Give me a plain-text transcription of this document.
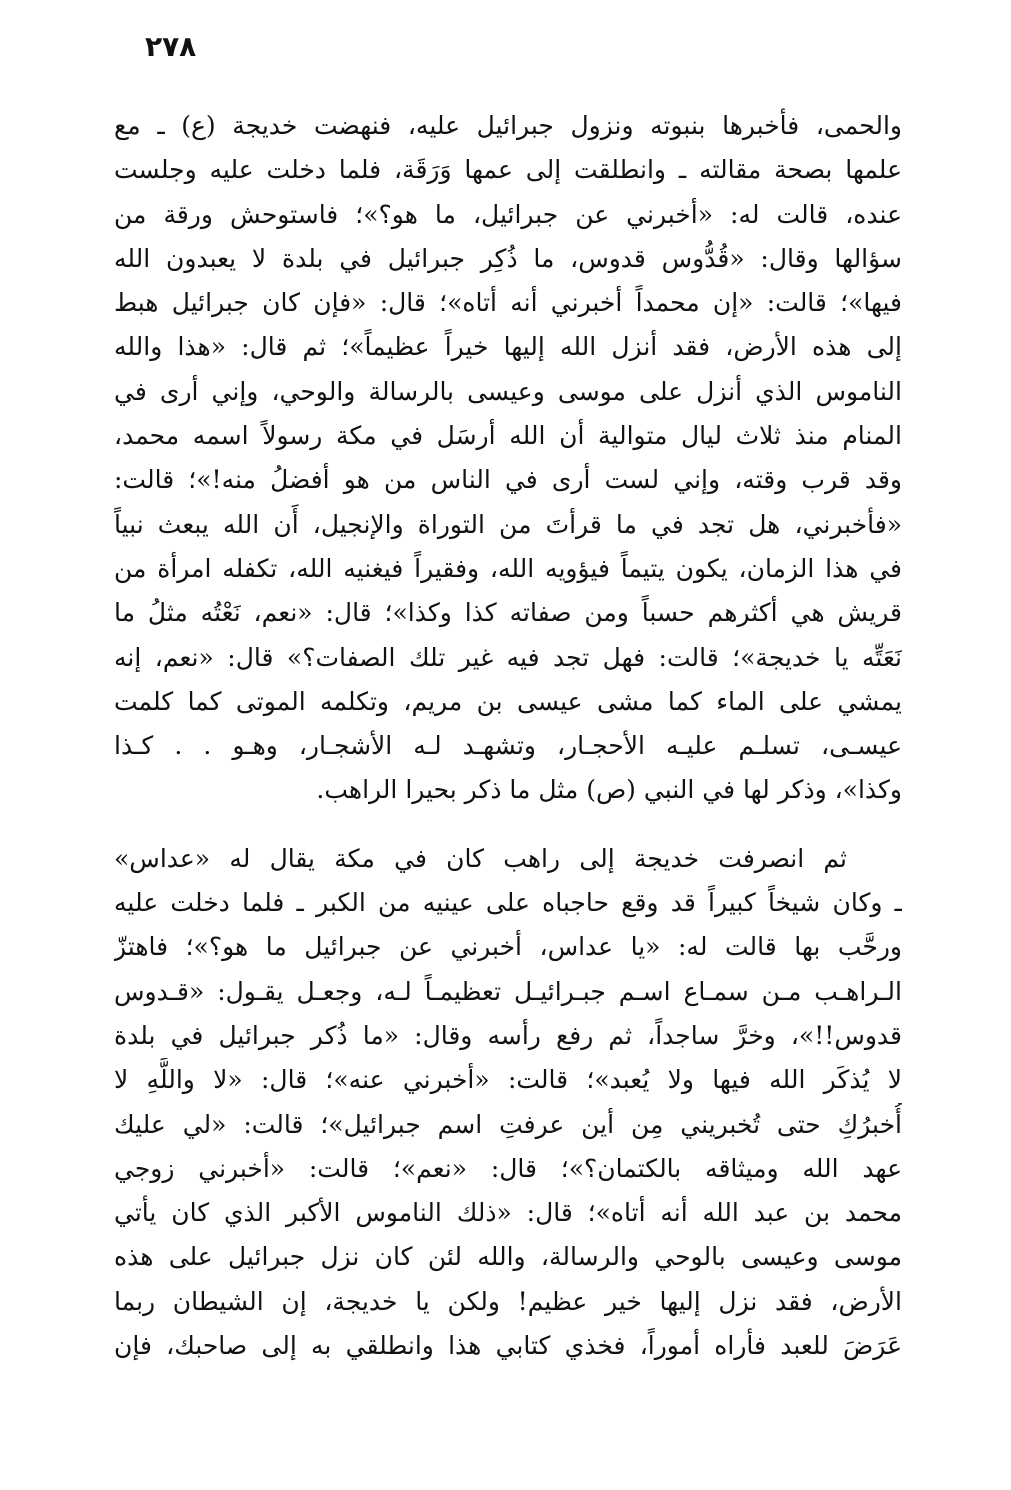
٢٧٨
والحمى، فأخبرها بنبوته ونزول جبرائيل عليه، فنهضت خديجة (ع) ـ مع
علمها بصحة مقالته ـ وانطلقت إلى عمها وَرَقَة، فلما دخلت عليه وجلست
عنده، قالت له: «أخبرني عن جبرائيل، ما هو؟»؛ فاستوحش ورقة من
سؤالها وقال: «قُدُّوس قدوس، ما ذُكِر جبرائيل في بلدة لا يعبدون الله
فيها»؛ قالت: «إن محمداً أخبرني أنه أتاه»؛ قال: «فإن كان جبرائيل هبط
إلى هذه الأرض، فقد أنزل الله إليها خيراً عظيماً»؛ ثم قال: «هذا والله
الناموس الذي أنزل على موسى وعيسى بالرسالة والوحي، وإني أرى في
المنام منذ ثلاث ليال متوالية أن الله أرسَل في مكة رسولاً اسمه محمد،
وقد قرب وقته، وإني لست أرى في الناس من هو أفضلُ منه!»؛ قالت:
«فأخبرني، هل تجد في ما قرأتَ من التوراة والإنجيل، أَن الله يبعث نبياً
في هذا الزمان، يكون يتيماً فيؤويه الله، وفقيراً فيغنيه الله، تكفله امرأة من
قريش هي أكثرهم حسباً ومن صفاته كذا وكذا»؛ قال: «نعم، نَعْتُه مثلُ ما
نَعَتِّه يا خديجة»؛ قالت: فهل تجد فيه غير تلك الصفات؟» قال: «نعم، إنه
يمشي على الماء كما مشى عيسى بن مريم، وتكلمه الموتى كما كلمت
عيسـى، تسلـم عليـه الأحجـار، وتشهـد لـه الأشجـار، وهـو . . كـذا
وكذا»، وذكر لها في النبي (ص) مثل ما ذكر بحيرا الراهب.
ثم انصرفت خديجة إلى راهب كان في مكة يقال له «عداس»
ـ وكان شيخاً كبيراً قد وقع حاجباه على عينيه من الكبر ـ فلما دخلت عليه
ورحَّب بها قالت له: «يا عداس، أخبرني عن جبرائيل ما هو؟»؛ فاهتزّ
الـراهـب مـن سمـاع اسـم جبـرائيـل تعظيمـاً لـه، وجعـل يقـول: «قـدوس
قدوس!!»، وخرَّ ساجداً، ثم رفع رأسه وقال: «ما ذُكر جبرائيل في بلدة
لا يُذكَر الله فيها ولا يُعبد»؛ قالت: «أخبرني عنه»؛ قال: «لا واللَّهِ لا
أُخبرُكِ حتى تُخبريني مِن أين عرفتِ اسم جبرائيل»؛ قالت: «لي عليك
عهد الله وميثاقه بالكتمان؟»؛ قال: «نعم»؛ قالت: «أخبرني زوجي
محمد بن عبد الله أنه أتاه»؛ قال: «ذلك الناموس الأكبر الذي كان يأتي
موسى وعيسى بالوحي والرسالة، والله لئن كان نزل جبرائيل على هذه
الأرض، فقد نزل إليها خير عظيم! ولكن يا خديجة، إن الشيطان ربما
عَرَضَ للعبد فأراه أموراً، فخذي كتابي هذا وانطلقي به إلى صاحبك، فإن
